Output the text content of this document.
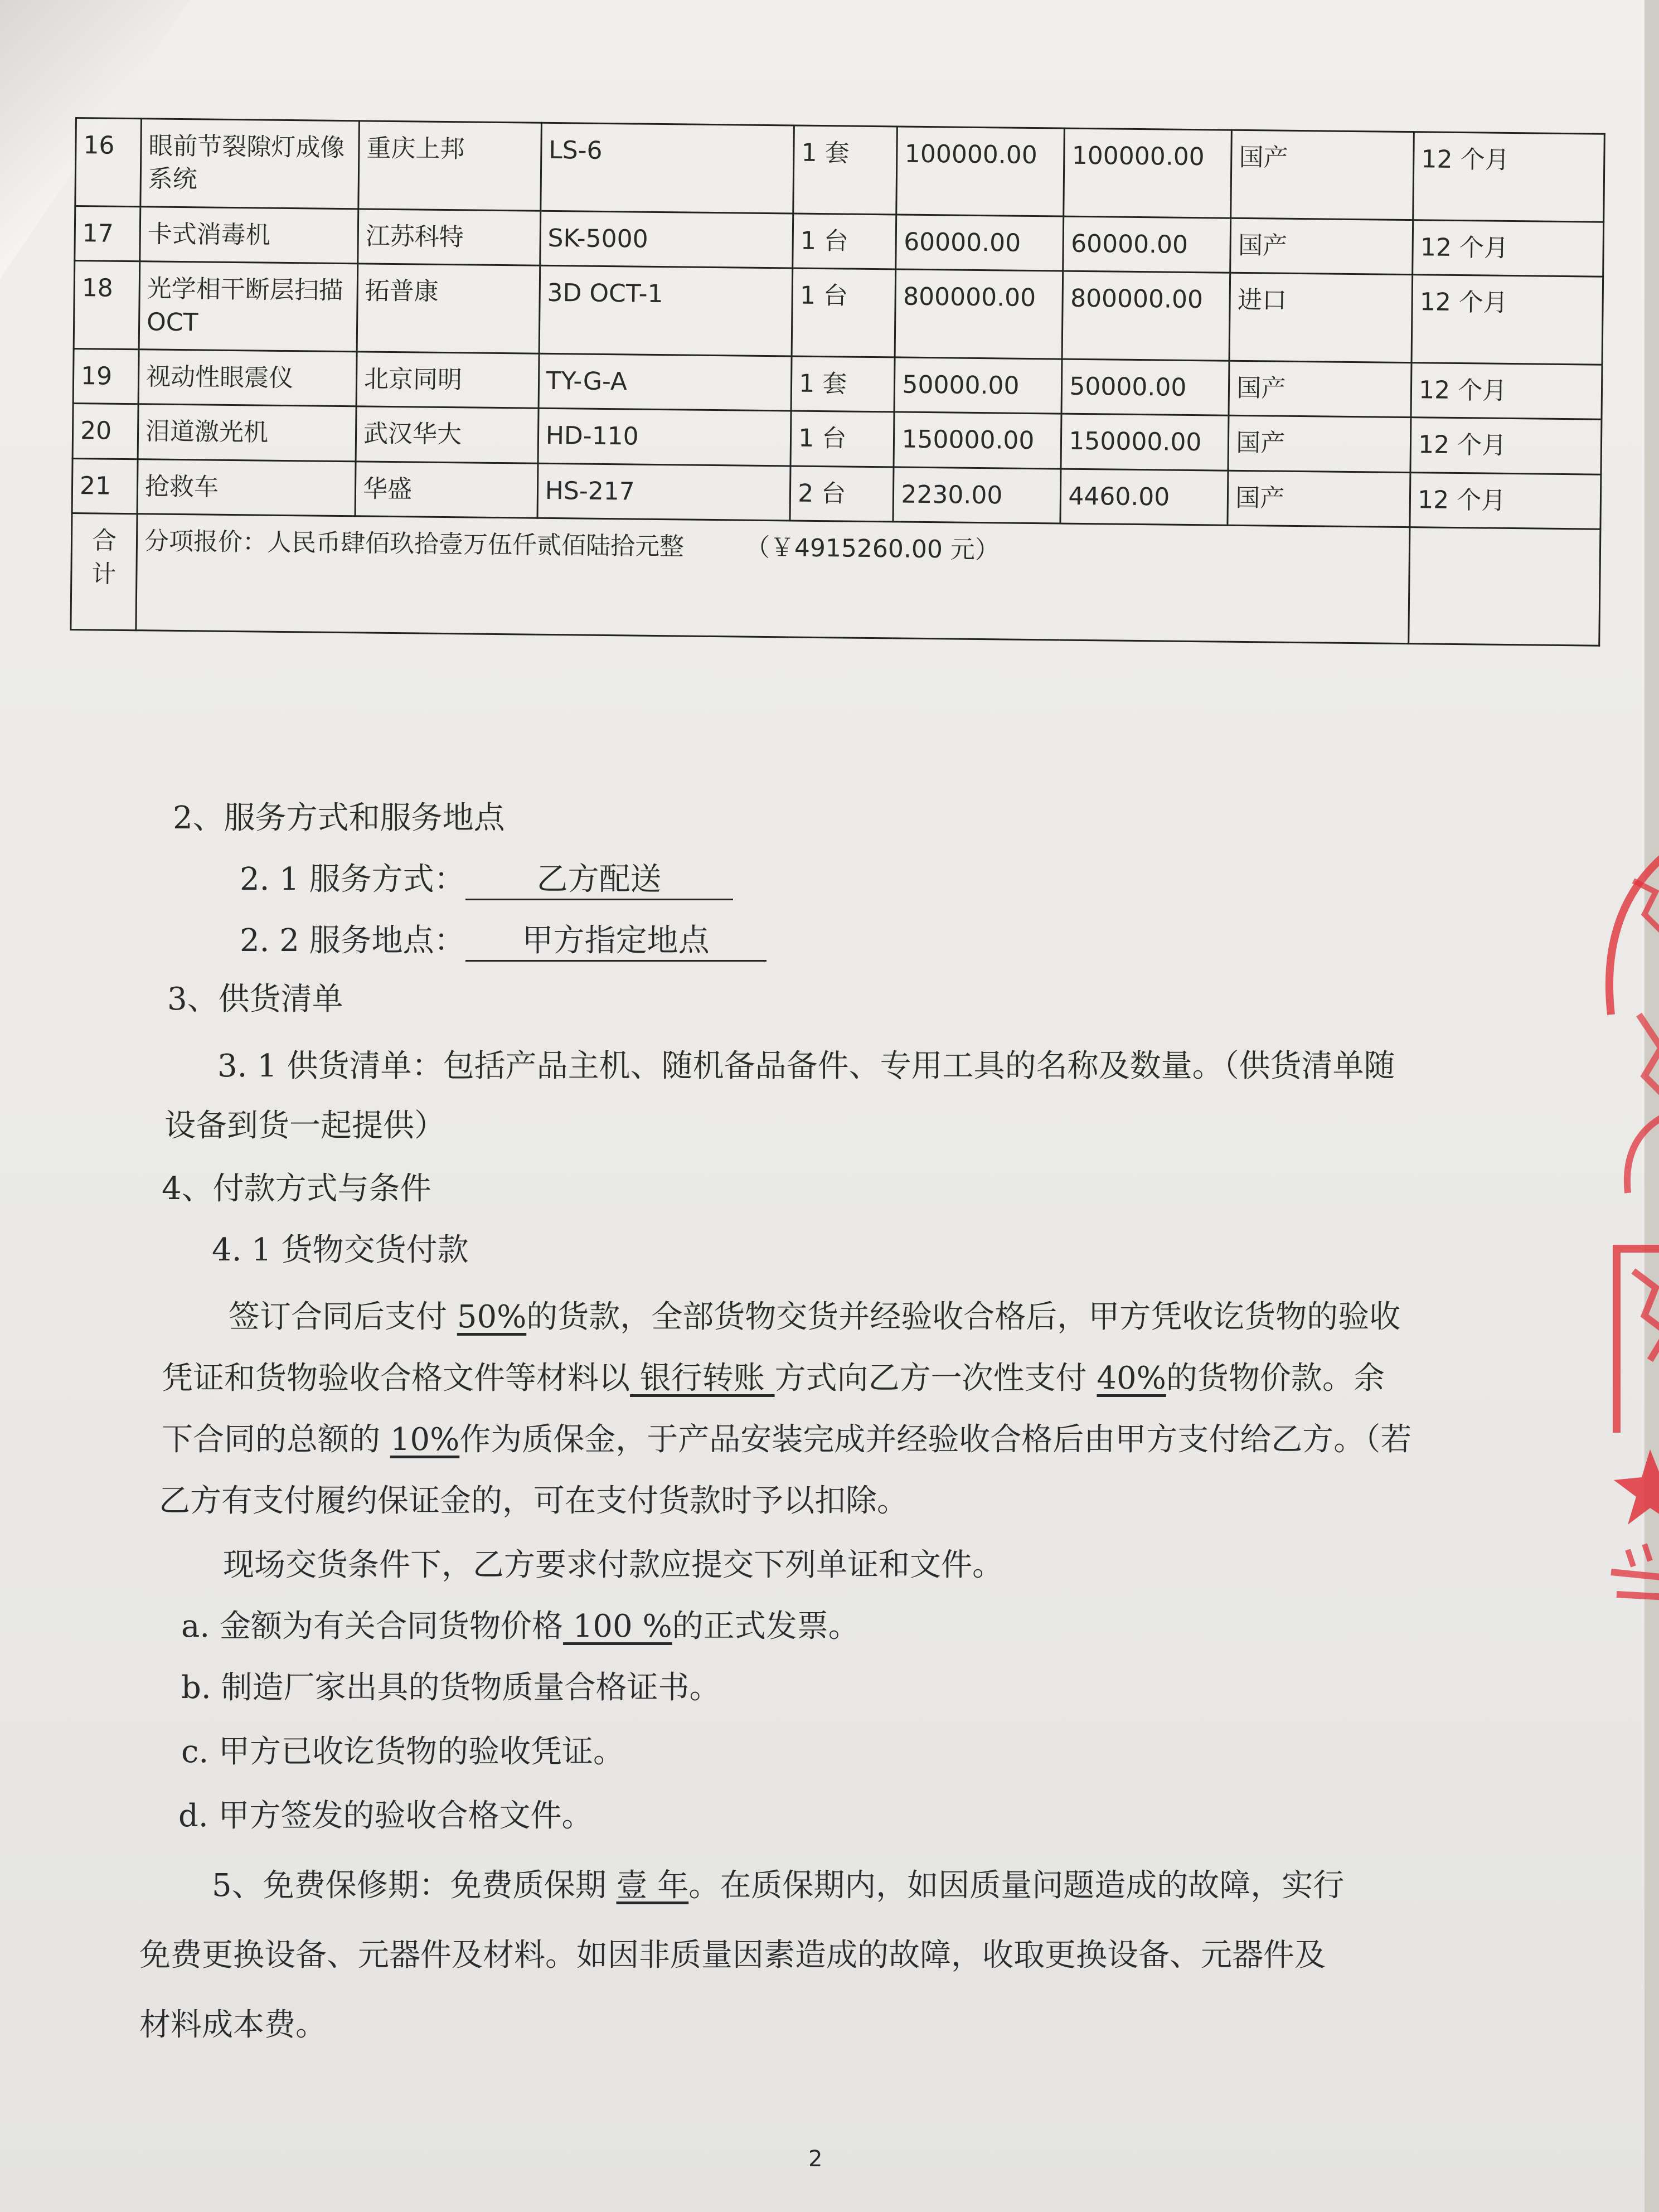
16	眼前节裂隙灯成像系统	重庆上邦	LS-6	1 套	100000.00	100000.00	国产	12 个月
17	卡式消毒机	江苏科特	SK-5000	1 台	60000.00	60000.00	国产	12 个月
18	光学相干断层扫描 OCT	拓普康	3D OCT-1	1 台	800000.00	800000.00	进口	12 个月
19	视动性眼震仪	北京同明	TY-G-A	1 套	50000.00	50000.00	国产	12 个月
20	泪道激光机	武汉华大	HD-110	1 台	150000.00	150000.00	国产	12 个月
21	抢救车	华盛	HS-217	2 台	2230.00	4460.00	国产	12 个月

合
计	分项报价：人民币肆佰玖拾壹万伍仟贰佰陆拾元整 （￥4915260.00 元）							
2、服务方式和服务地点
2. 1 服务方式： 乙方配送
2. 2 服务地点： 甲方指定地点
3、供货清单
3. 1 供货清单：包括产品主机、随机备品备件、专用工具的名称及数量。（供货清单随
设备到货一起提供）
4、付款方式与条件
4. 1 货物交货付款
签订合同后支付 50%的货款，全部货物交货并经验收合格后，甲方凭收讫货物的验收
凭证和货物验收合格文件等材料以 银行转账 方式向乙方一次性支付 40%的货物价款。余
下合同的总额的 10%作为质保金，于产品安装完成并经验收合格后由甲方支付给乙方。（若
乙方有支付履约保证金的，可在支付货款时予以扣除。
现场交货条件下，乙方要求付款应提交下列单证和文件。
a. 金额为有关合同货物价格 100 %的正式发票。
b. 制造厂家出具的货物质量合格证书。
c. 甲方已收讫货物的验收凭证。
d. 甲方签发的验收合格文件。
5、免费保修期：免费质保期 壹 年。在质保期内，如因质量问题造成的故障，实行
免费更换设备、元器件及材料。如因非质量因素造成的故障，收取更换设备、元器件及
材料成本费。
2
